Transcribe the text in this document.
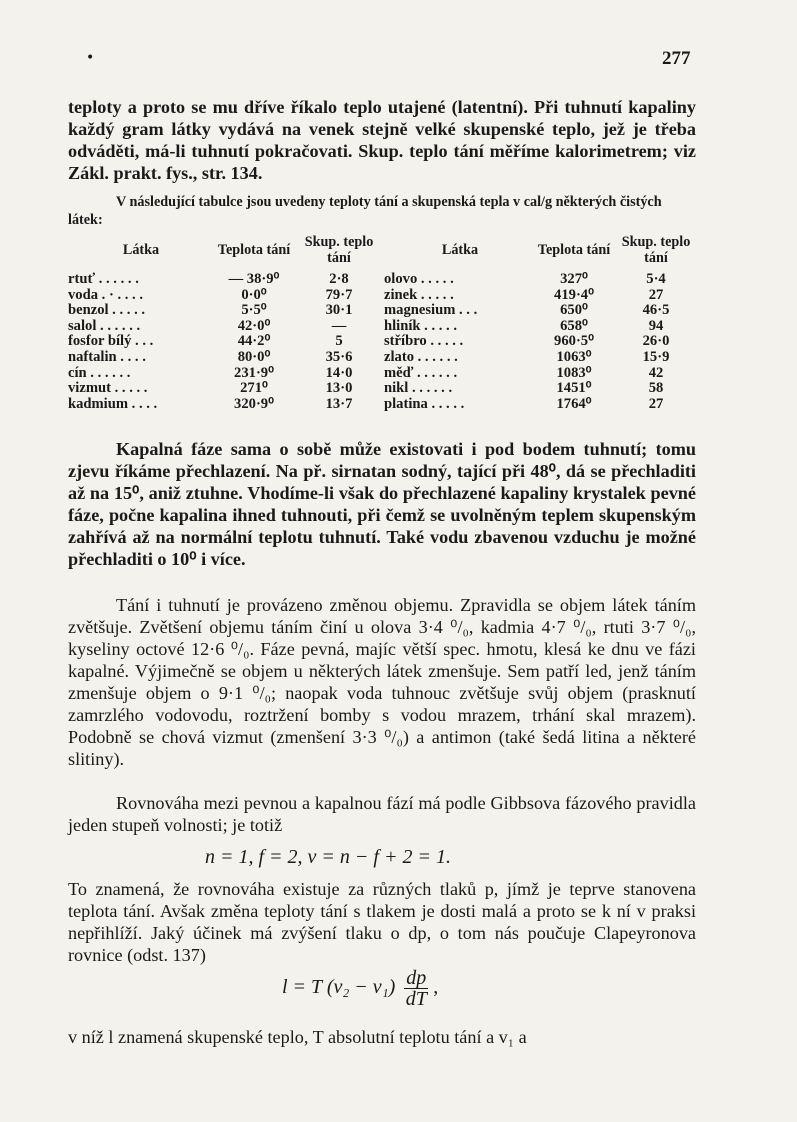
•	277
teploty a proto se mu dříve říkalo teplo utajené (latentní). Při tuhnutí kapaliny každý gram látky vydává na venek stejně velké skupenské teplo, jež je třeba odváděti, má-li tuhnutí pokračovati. Skup. teplo tání měříme kalorimetrem; viz Zákl. prakt. fys., str. 134.
V následující tabulce jsou uvedeny teploty tání a skupenská tepla v cal/g některých čistých látek:
Látka	Teplota tání	Skup. teplo tání	Látka	Teplota tání	Skup. teplo tání
rtuť . . . . . .	— 38·9⁰	2·8	olovo . . . . .	327⁰	5·4
voda . · . . . .	0·0⁰	79·7	zinek . . . . .	419·4⁰	27
benzol . . . . .	5·5⁰	30·1	magnesium . . .	650⁰	46·5
salol . . . . . .	42·0⁰	—	hliník . . . . .	658⁰	94
fosfor bílý . . .	44·2⁰	5	stříbro . . . . .	960·5⁰	26·0
naftalin . . . .	80·0⁰	35·6	zlato . . . . . .	1063⁰	15·9
cín . . . . . .	231·9⁰	14·0	měď . . . . . .	1083⁰	42
vizmut . . . . .	271⁰	13·0	nikl . . . . . .	1451⁰	58
kadmium . . . .	320·9⁰	13·7	platina . . . . .	1764⁰	27
Kapalná fáze sama o sobě může existovati i pod bodem tuhnutí; tomu zjevu říkáme přechlazení. Na př. sirnatan sodný, tající při 48⁰, dá se přechladiti až na 15⁰, aniž ztuhne. Vhodíme-li však do přechlazené kapaliny krystalek pevné fáze, počne kapalina ihned tuhnouti, při čemž se uvolněným teplem skupenským zahřívá až na normální teplotu tuhnutí. Také vodu zbavenou vzduchu je možné přechladiti o 10⁰ i více.
Tání i tuhnutí je provázeno změnou objemu. Zpravidla se objem látek táním zvětšuje. Zvětšení objemu táním činí u olova 3·4 ⁰/₀, kadmia 4·7 ⁰/₀, rtuti 3·7 ⁰/₀, kyseliny octové 12·6 ⁰/₀. Fáze pevná, majíc větší spec. hmotu, klesá ke dnu ve fázi kapalné. Výjimečně se objem u některých látek zmenšuje. Sem patří led, jenž táním zmenšuje objem o 9·1 ⁰/₀; naopak voda tuhnouc zvětšuje svůj objem (prasknutí zamrzlého vodovodu, roztržení bomby s vodou mrazem, trhání skal mrazem). Podobně se chová vizmut (zmenšení 3·3 ⁰/₀) a antimon (také šedá litina a některé slitiny).
Rovnováha mezi pevnou a kapalnou fází má podle Gibbsova fázového pravidla jeden stupeň volnosti; je totiž
n = 1, f = 2, v = n − f + 2 = 1.
To znamená, že rovnováha existuje za různých tlaků p, jímž je teprve stanovena teplota tání. Avšak změna teploty tání s tlakem je dosti malá a proto se k ní v praksi nepřihlíží. Jaký účinek má zvýšení tlaku o dp, o tom nás poučuje Clapeyronova rovnice (odst. 137)
l = T $(v_2 - v_1) \frac{dp}{dT}$ ,
v níž l znamená skupenské teplo, T absolutní teplotu tání a v₁ a
